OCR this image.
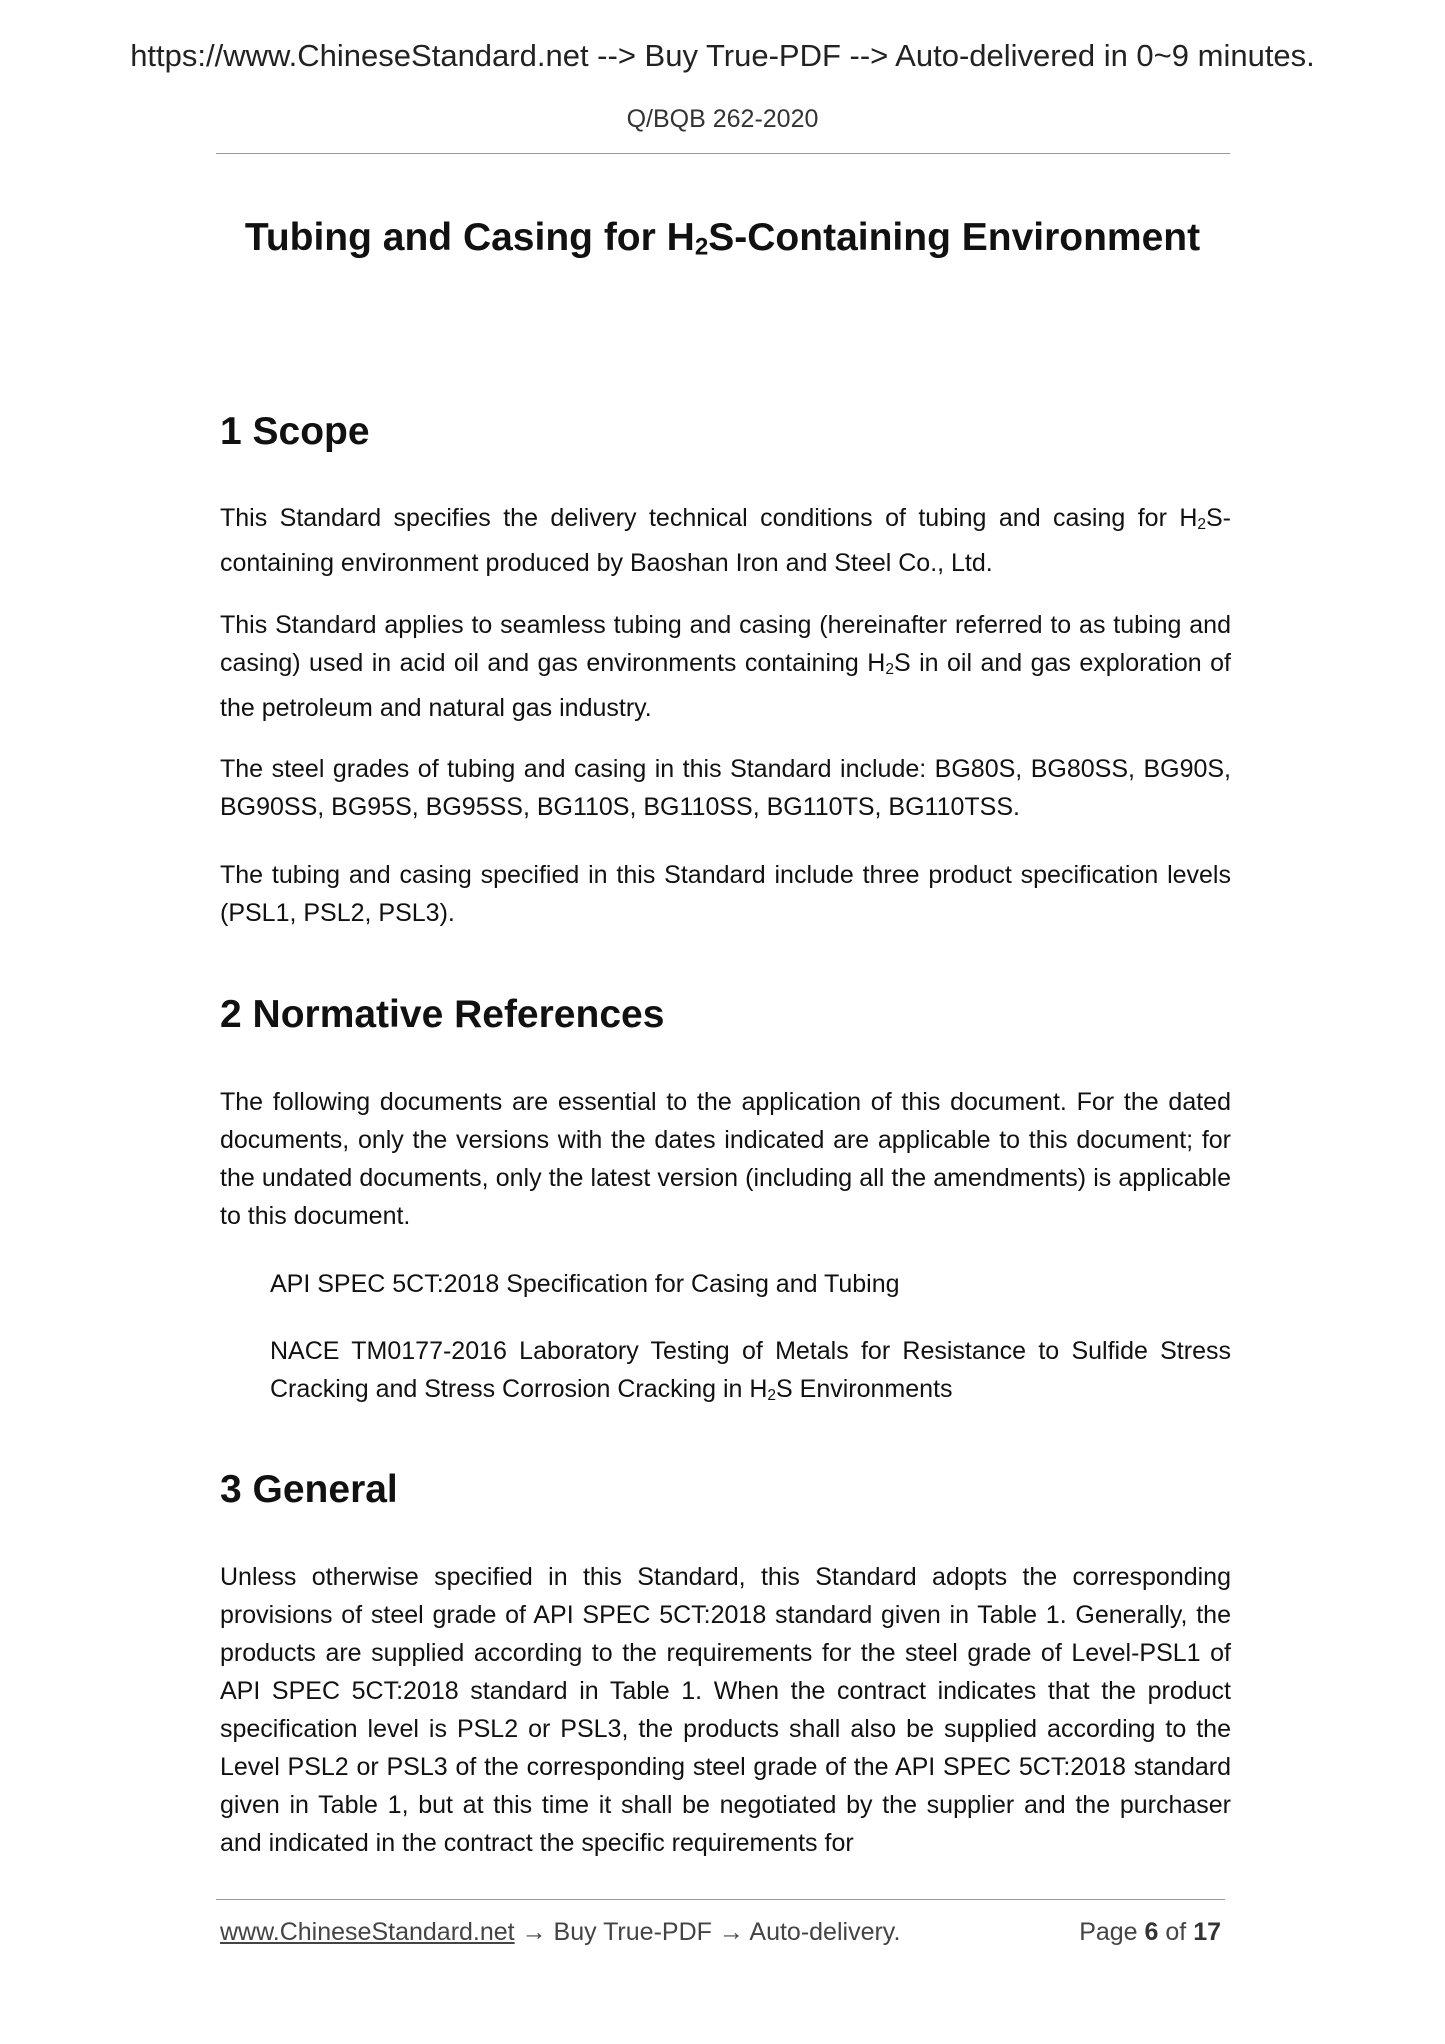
https://www.ChineseStandard.net --> Buy True-PDF --> Auto-delivered in 0~9 minutes.
Q/BQB 262-2020
Tubing and Casing for $H_2S$-Containing Environment
1 Scope
This Standard specifies the delivery technical conditions of tubing and casing for $H_2S$-containing environment produced by Baoshan Iron and Steel Co., Ltd.
This Standard applies to seamless tubing and casing (hereinafter referred to as tubing and casing) used in acid oil and gas environments containing $H_2S$ in oil and gas exploration of the petroleum and natural gas industry.
The steel grades of tubing and casing in this Standard include: BG80S, BG80SS, BG90S, BG90SS, BG95S, BG95SS, BG110S, BG110SS, BG110TS, BG110TSS.
The tubing and casing specified in this Standard include three product specification levels (PSL1, PSL2, PSL3).
2 Normative References
The following documents are essential to the application of this document. For the dated documents, only the versions with the dates indicated are applicable to this document; for the undated documents, only the latest version (including all the amendments) is applicable to this document.
API SPEC 5CT:2018 Specification for Casing and Tubing
NACE TM0177-2016 Laboratory Testing of Metals for Resistance to Sulfide Stress Cracking and Stress Corrosion Cracking in $H_2S$ Environments
3 General
Unless otherwise specified in this Standard, this Standard adopts the corresponding provisions of steel grade of API SPEC 5CT:2018 standard given in Table 1. Generally, the products are supplied according to the requirements for the steel grade of Level-PSL1 of API SPEC 5CT:2018 standard in Table 1. When the contract indicates that the product specification level is PSL2 or PSL3, the products shall also be supplied according to the Level PSL2 or PSL3 of the corresponding steel grade of the API SPEC 5CT:2018 standard given in Table 1, but at this time it shall be negotiated by the supplier and the purchaser and indicated in the contract the specific requirements for
www.ChineseStandard.net → Buy True-PDF → Auto-delivery.	Page 6 of 17
